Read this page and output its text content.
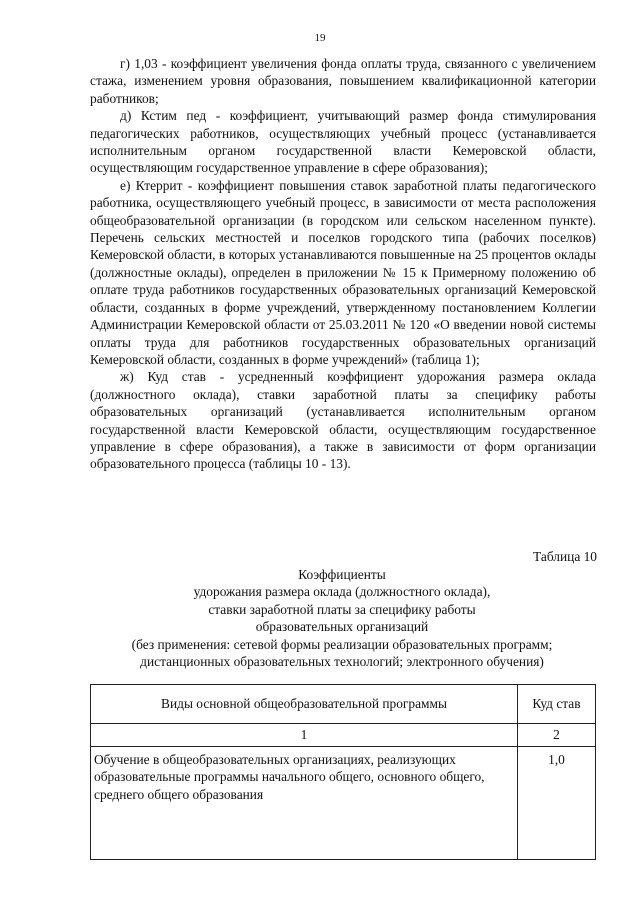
19

г) 1,03 - коэффициент увеличения фонда оплаты труда, связанного с увеличением стажа, изменением уровня образования, повышением квалификационной категории работников;

д) Кстим пед - коэффициент, учитывающий размер фонда стимулирования педагогических работников, осуществляющих учебный процесс (устанавливается исполнительным органом государственной власти Кемеровской области, осуществляющим государственное управление в сфере образования);

е) Ктеррит - коэффициент повышения ставок заработной платы педагогического работника, осуществляющего учебный процесс, в зависимости от места расположения общеобразовательной организации (в городском или сельском населенном пункте). Перечень сельских местностей и поселков городского типа (рабочих поселков) Кемеровской области, в которых устанавливаются повышенные на 25 процентов оклады (должностные оклады), определен в приложении № 15 к Примерному положению об оплате труда работников государственных образовательных организаций Кемеровской области, созданных в форме учреждений, утвержденному постановлением Коллегии Администрации Кемеровской области от 25.03.2011 № 120 «О введении новой системы оплаты труда для работников государственных образовательных организаций Кемеровской области, созданных в форме учреждений» (таблица 1);

ж) Куд став - усредненный коэффициент удорожания размера оклада (должностного оклада), ставки заработной платы за специфику работы образовательных организаций (устанавливается исполнительным органом государственной власти Кемеровской области, осуществляющим государственное управление в сфере образования), а также в зависимости от форм организации образовательного процесса (таблицы 10 - 13).

Таблица 10
Коэффициенты
удорожания размера оклада (должностного оклада),
ставки заработной платы за специфику работы
образовательных организаций
(без применения: сетевой формы реализации образовательных программ;
дистанционных образовательных технологий; электронного обучения)
Виды основной общеобразовательной программы	Куд став
1	2
Обучение в общеобразовательных организациях, реализующих образовательные программы начального общего, основного общего, среднего общего образования	1,0
